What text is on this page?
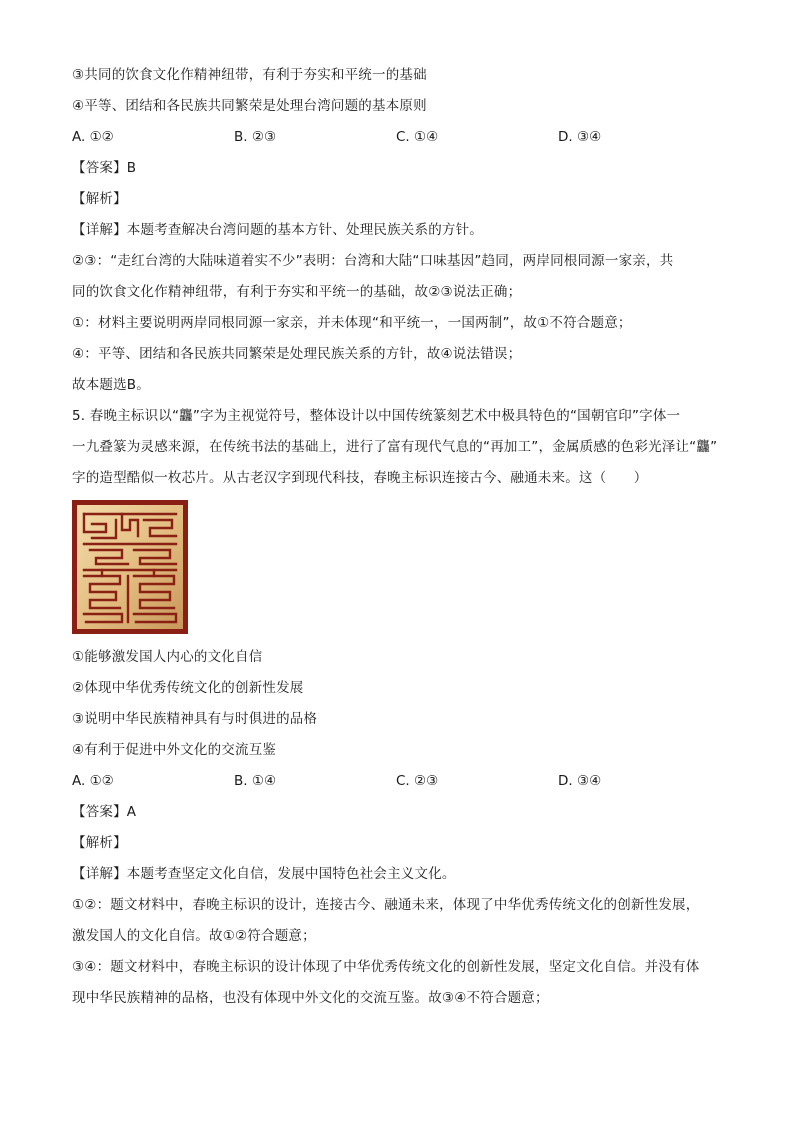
③共同的饮食文化作精神纽带，有利于夯实和平统一的基础
④平等、团结和各民族共同繁荣是处理台湾问题的基本原则
A. ①②	B. ②③	C. ①④	D. ③④
【答案】B
【解析】
【详解】本题考查解决台湾问题的基本方针、处理民族关系的方针。
②③：“走红台湾的大陆味道着实不少”表明：台湾和大陆“口味基因”趋同，两岸同根同源一家亲，共
同的饮食文化作精神纽带，有利于夯实和平统一的基础，故②③说法正确；
①：材料主要说明两岸同根同源一家亲，并未体现“和平统一，一国两制”，故①不符合题意；
④：平等、团结和各民族共同繁荣是处理民族关系的方针，故④说法错误；
故本题选B。
5. 春晚主标识以“龘”字为主视觉符号，整体设计以中国传统篆刻艺术中极具特色的“国朝官印”字体一
一九叠篆为灵感来源，在传统书法的基础上，进行了富有现代气息的“再加工”，金属质感的色彩光泽让“龘”
字的造型酷似一枚芯片。从古老汉字到现代科技，春晚主标识连接古今、融通未来。这（　　）
①能够激发国人内心的文化自信
②体现中华优秀传统文化的创新性发展
③说明中华民族精神具有与时俱进的品格
④有利于促进中外文化的交流互鉴
A. ①②	B. ①④	C. ②③	D. ③④
【答案】A
【解析】
【详解】本题考查坚定文化自信，发展中国特色社会主义文化。
①②：题文材料中，春晚主标识的设计，连接古今、融通未来，体现了中华优秀传统文化的创新性发展，
激发国人的文化自信。故①②符合题意；
③④：题文材料中，春晚主标识的设计体现了中华优秀传统文化的创新性发展，坚定文化自信。并没有体
现中华民族精神的品格，也没有体现中外文化的交流互鉴。故③④不符合题意；
